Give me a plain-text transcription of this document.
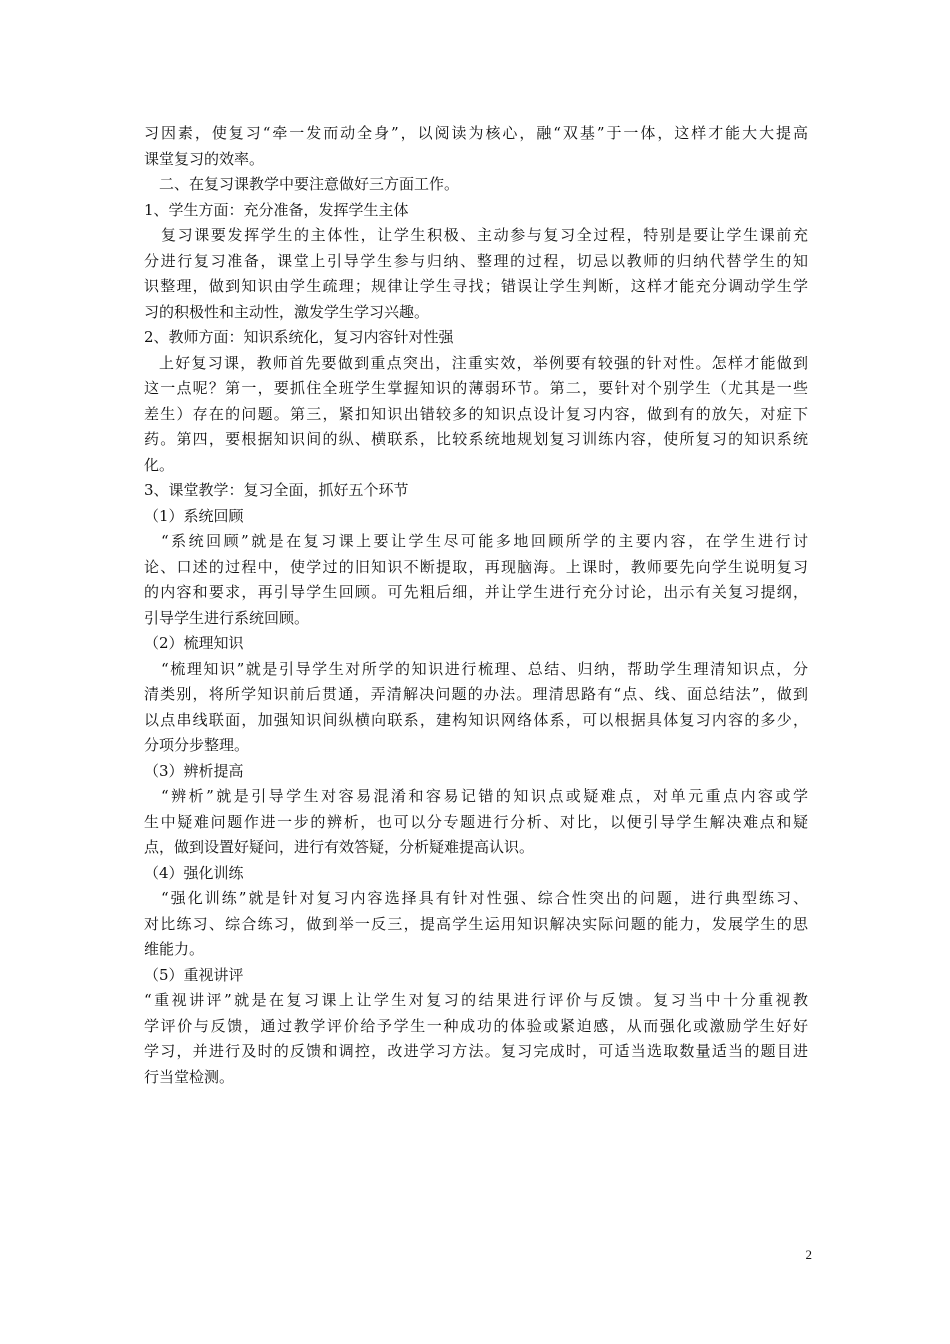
习因素，使复习“牵一发而动全身”，以阅读为核心，融“双基”于一体，这样才能大大提高
课堂复习的效率。
二、在复习课教学中要注意做好三方面工作。
1、学生方面：充分准备，发挥学生主体
复习课要发挥学生的主体性，让学生积极、主动参与复习全过程，特别是要让学生课前充
分进行复习准备，课堂上引导学生参与归纳、整理的过程，切忌以教师的归纳代替学生的知
识整理，做到知识由学生疏理；规律让学生寻找；错误让学生判断，这样才能充分调动学生学
习的积极性和主动性，激发学生学习兴趣。
2、教师方面：知识系统化，复习内容针对性强
上好复习课，教师首先要做到重点突出，注重实效，举例要有较强的针对性。怎样才能做到
这一点呢？第一，要抓住全班学生掌握知识的薄弱环节。第二，要针对个别学生（尤其是一些
差生）存在的问题。第三，紧扣知识出错较多的知识点设计复习内容，做到有的放矢，对症下
药。第四，要根据知识间的纵、横联系，比较系统地规划复习训练内容，使所复习的知识系统
化。
3、课堂教学：复习全面，抓好五个环节
（1）系统回顾
“系统回顾”就是在复习课上要让学生尽可能多地回顾所学的主要内容，在学生进行讨
论、口述的过程中，使学过的旧知识不断提取，再现脑海。上课时，教师要先向学生说明复习
的内容和要求，再引导学生回顾。可先粗后细，并让学生进行充分讨论，出示有关复习提纲，
引导学生进行系统回顾。
（2）梳理知识
“梳理知识”就是引导学生对所学的知识进行梳理、总结、归纳，帮助学生理清知识点，分
清类别，将所学知识前后贯通，弄清解决问题的办法。理清思路有“点、线、面总结法”，做到
以点串线联面，加强知识间纵横向联系，建构知识网络体系，可以根据具体复习内容的多少，
分项分步整理。
（3）辨析提高
“辨析”就是引导学生对容易混淆和容易记错的知识点或疑难点，对单元重点内容或学
生中疑难问题作进一步的辨析，也可以分专题进行分析、对比，以便引导学生解决难点和疑
点，做到设置好疑问，进行有效答疑，分析疑难提高认识。
（4）强化训练
“强化训练”就是针对复习内容选择具有针对性强、综合性突出的问题，进行典型练习、
对比练习、综合练习，做到举一反三，提高学生运用知识解决实际问题的能力，发展学生的思
维能力。
（5）重视讲评
“重视讲评”就是在复习课上让学生对复习的结果进行评价与反馈。复习当中十分重视教
学评价与反馈，通过教学评价给予学生一种成功的体验或紧迫感，从而强化或激励学生好好
学习，并进行及时的反馈和调控，改进学习方法。复习完成时，可适当选取数量适当的题目进
行当堂检测。
2
